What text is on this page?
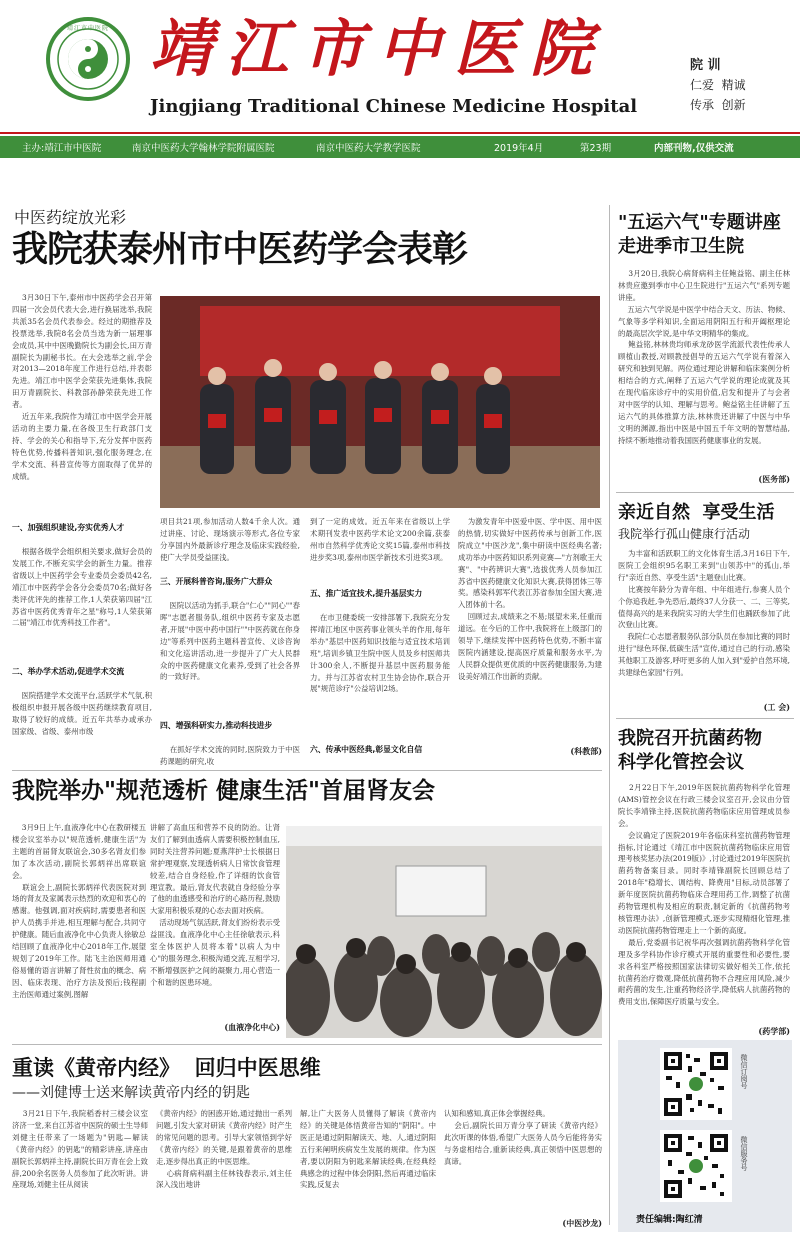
靖江市中医院 靖江市中医院
Jingjiang Traditional Chinese Medicine Hospital
院 训
仁爱  精诚
传承  创新
主办:靖江市中医院	南京中医药大学翰林学院附属医院	南京中医药大学教学医院	2019年4月	第23期	内部刊物,仅供交流
中医药绽放光彩
我院获泰州市中医药学会表彰
3月30日下午,泰州市中医药学会召开第四届一次会员代表大会,进行换届选举,我院共派35名会员代表参会。经过的期推荐及投票选举,我院8名会员当选为新一届理事会成员,其中中医晚勤院长为副会长,田万青副院长为副秘书长。在大会选举之前,学会对2013—2018年度工作进行总结,并表彰先进。靖江市中医学会荣获先进集体,我院田万青副院长、科教部孙静荣获先进工作者。
近五年来,我院作为靖江市中医学会开展活动的主要力量,在各级卫生行政部门支持、学会的关心和指导下,充分发挥中医药特色优势,传播科普知识,强化服务理念,在学术交流、科普宣传等方面取得了优异的成绩。
一、加强组织建设,夯实优秀人才
根据各级学会组织相关要求,做好会员的发展工作,不断充实学会的新生力量。推荐省级以上中医药学会专业委员会委员42名,靖江市中医药学会各分会委员70名;做好各类评优评先的推荐工作,1人荣获第四届"江苏省中医药优秀青年之星"称号,1人荣获第二届"靖江市优秀科技工作者"。
二、举办学术活动,促进学术交流
医院搭建学术交流平台,活跃学术气氛,积极组织申报开展各级中医药继续教育项目,取得了较好的成绩。近五年共举办或承办国家级、省级、泰州市级
项目共21项,参加活动人数4千余人次。通过讲座、讨论、现场演示等形式,各位专家分享国内外最新诊疗理念及临床实践经验,使广大学员受益匪浅。
三、开展科普咨询,服务广大群众
医院以活动为抓手,联合"仁心""同心""春晖"志愿者服务队,组织中医药专家及志愿者,开展"中医中药中国行""中医药就在你身边"等系列中医药主题科普宣传、义诊咨询和文化巡讲活动,进一步提升了广大人民群众的中医药健康文化素养,受到了社会各界的一致好评。
四、增强科研实力,推动科技进步
在抓好学术交流的同时,医院致力于中医药课题的研究,收
到了一定的成效。近五年来在省级以上学术期刊发表中医药学术论文200余篇,获泰州市自然科学优秀论文奖15篇,泰州市科技进步奖3项,泰州市医学新技术引进奖3项。
五、推广适宜技术,提升基层实力
在市卫健委统一安排部署下,我院充分发挥靖江地区中医药事业领头羊的作用,每年举办"基层中医药知识技能与适宜技术培训班",培训乡镇卫生院中医人员及乡村医师共计300余人,不断提升基层中医药服务能力。并与江苏省农村卫生协会协作,联合开展"规范诊疗"公益培训2场。
六、传承中医经典,彰显文化自信
为激发青年中医爱中医、学中医、用中医的热情,切实做好中医药传承与创新工作,医院成立"中医沙龙",集中研读中医经典名著;成功举办中医药知识系列竞赛—"方剂歌王大赛"、"中药辨识大赛",选拔优秀人员参加江苏省中医药健康文化知识大赛,获得团体三等奖。感染科郭军代表江苏省参加全国大赛,进入团体前十名。
回顾过去,成绩来之不易;展望未来,任重而道远。在今后的工作中,我院将在上级部门的领导下,继续发挥中医药特色优势,不断丰富医院内涵建设,提高医疗质量和服务水平,为人民群众提供更优质的中医药健康服务,为建设美好靖江作出新的贡献。
(科教部)
我院举办"规范透析 健康生活"首届肾友会
3月9日上午,血液净化中心在教研楼五楼会议室举办以"规范透析,健康生活"为主题的首届肾友联谊会,30多名肾友们参加了本次活动,副院长郭炳祥出席联谊会。
联谊会上,副院长郭炳祥代表医院对到场的肾友及家属表示热烈的欢迎和衷心的感谢。他强调,面对疾病时,需要患者和医护人员携手并进,相互理解与配合,共同守护健康。随后血液净化中心负责人徐敏总结回顾了血液净化中心2018年工作,展望规划了2019年工作。陆飞主治医师用通俗易懂的语言讲解了肾性贫血的概念、病因、临床表现、治疗方法及预后;钱程副主治医师通过案例,图解
讲解了高血压和营养不良的防治。让肾友们了解到血透病人需要积极控制血压,同时关注营养问题;夏燕萍护士长根据日常护理观察,发现透析病人日常饮食管理较差,结合自身经验,作了详细的饮食管理宣教。最后,肾友代表就自身经验分享了他的血透感受和治疗的心路历程,鼓励大家用积极乐观的心态去面对疾病。
活动现场气氛活跃,肾友们纷纷表示受益匪浅。血液净化中心主任徐敏表示,科室全体医护人员将本着"以病人为中心"的服务理念,积极沟通交流,互相学习,不断增强医护之间的凝聚力,用心营造一个和谐的医患环境。
(血液净化中心)
重读《黄帝内经》  回归中医思维
——刘健博士送来解读黄帝内经的钥匙
3月21日下午,我院稻香村三楼会议室济济一堂,来自江苏省中医院的硕士生导师刘健主任带来了一场题为"钥匙—解读《黄帝内经》的钥匙"的精彩讲座,讲座由副院长郭炳祥主持,副院长田万青在会上致辞,200余名医务人员参加了此次听讲。讲座现场,刘健主任从阅读
《黄帝内经》的困惑开始,通过抛出一系列问题,引发大家对研读《黄帝内经》时产生的常见问题的思考。引导大家领悟到学好《黄帝内经》的关键,是跟着黄帝的思维走,逐步得出真正的中医思维。
心病肾病科副主任林钱春表示,刘主任深入浅出地讲
解,让广大医务人员懂得了解读《黄帝内经》的关键是体悟黄帝告知的"阴阳"。中医正是通过阴阳解读天、地、人,通过阴阳五行来阐明疾病发生发展的规律。作为医者,要以阴阳为钥匙来解读经典,在经典经典感念的过程中体会阴阳,然后再通过临床实践,反复去
认知和感知,真正体会掌握经典。
会后,副院长田万青分享了研读《黄帝内经》此次听课的体悟,希望广大医务人员今后能将务实与务虚相结合,重新读经典,真正领悟中医思想的真谛。
(中医沙龙)
"五运六气"专题讲座
走进季市卫生院
3月20日,我院心病肾病科主任鲍益铭、副主任林林贵应邀到季市中心卫生院进行"五运六气"系列专题讲座。
五运六气学说是中医学中结合天文、历法、物候、气象等多学科知识,全面运用阴阳五行和开阖枢理论的最高层次学说,是中华文明精华的集成。
鲍益铭,林林贵均师承龙砂医学流派代表性传承人顾植山教授,对顾教授倡导的五运六气学说有着深入研究和独到见解。两位通过理论讲解和临床案例分析相结合的方式,阐释了五运六气学说的理论成就及其在现代临床诊疗中的实用价值,启发和提升了与会者对中医学的认知、理解与思考。鲍益铭主任讲解了五运六气的具体推算方法,林林贵还讲解了中医与中华文明的渊源,指出中医是中国五千年文明的智慧结晶,持续不断地推动着我国医药健康事业的发展。
(医务部)
亲近自然  享受生活
我院举行孤山健康行活动
为丰富和活跃职工的文化体育生活,3月16日下午,医院工会组织95名职工来到"山领苏中"的孤山,举行"亲近自然、享受生活"主题登山比赛。
比赛按年龄分为青年组、中年组进行,参赛人员个个你追我赶,争先恐后,最终37人分获一、二、三等奖,值得高兴的是来我院实习的大学生们也踊跃参加了此次登山比赛。
我院仁心志愿者服务队部分队员在参加比赛的同时进行"绿色环保,低碳生活"宣传,通过自己的行动,感染其他职工及游客,呼吁更多的人加入到"爱护自然环境,共建绿色家园"行列。
(工 会)
我院召开抗菌药物
科学化管控会议
2月22日下午,2019年医院抗菌药物科学化管理(AMS)管控会议在行政三楼会议室召开,会议由分管院长李靖锋主持,医院抗菌药物临床应用管理成员参会。
会议确定了医院2019年各临床科室抗菌药物管理指标,讨论通过《靖江市中医院抗菌药物临床应用管理考核奖惩办法(2019版)》,讨论通过2019年医院抗菌药物备案目录。同时李靖锋副院长回顾总结了2018年"稳增长、调结构、降费用"目标,动员部署了新年度医院抗菌药物临床合理用药工作,调整了抗菌药物管理机构及相应的职责,制定新的《抗菌药物考核管理办法》,创新管理模式,逐步实现精细化管理,推动医院抗菌药物管理走上一个新的高度。
最后,党委副书记祝华再次强调抗菌药物科学化管理及多学科协作诊疗模式开展的重要性和必要性,要求各科室严格按照国家法律切实做好相关工作,依托抗菌药治疗微观,降低抗菌药物不合理应用风险,减少耐药菌的发生,注重药物经济学,降低病人抗菌药物的费用支出,保障医疗质量与安全。
(药学部)
微信订阅号
微信服务号
责任编辑:陶红清
